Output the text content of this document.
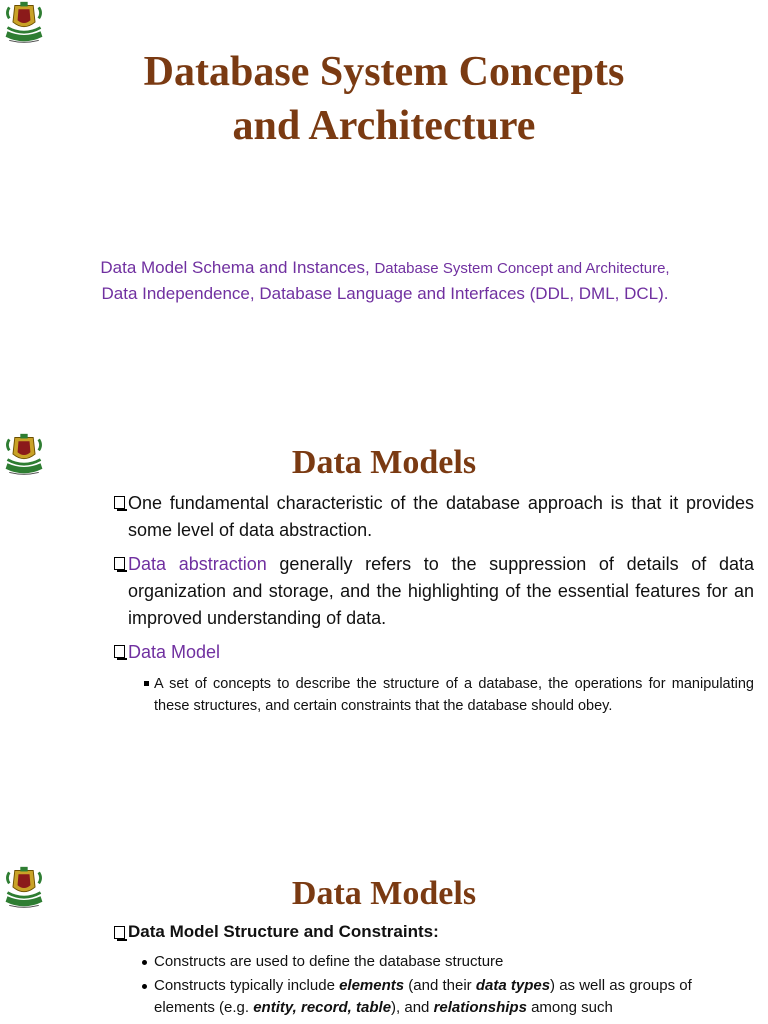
Database System Concepts
and Architecture
Data Model Schema and Instances, Database System Concept and Architecture, Data Independence, Database Language and Interfaces (DDL, DML, DCL).
Data Models
One fundamental characteristic of the database approach is that it provides some level of data abstraction.
Data abstraction generally refers to the suppression of details of data organization and storage, and the highlighting of the essential features for an improved understanding of data.
Data Model
A set of concepts to describe the structure of a database, the operations for manipulating these structures, and certain constraints that the database should obey.
Data Models
Data Model Structure and Constraints:
Constructs are used to define the database structure
Constructs typically include elements (and their data types) as well as groups of elements (e.g. entity, record, table), and relationships among such
